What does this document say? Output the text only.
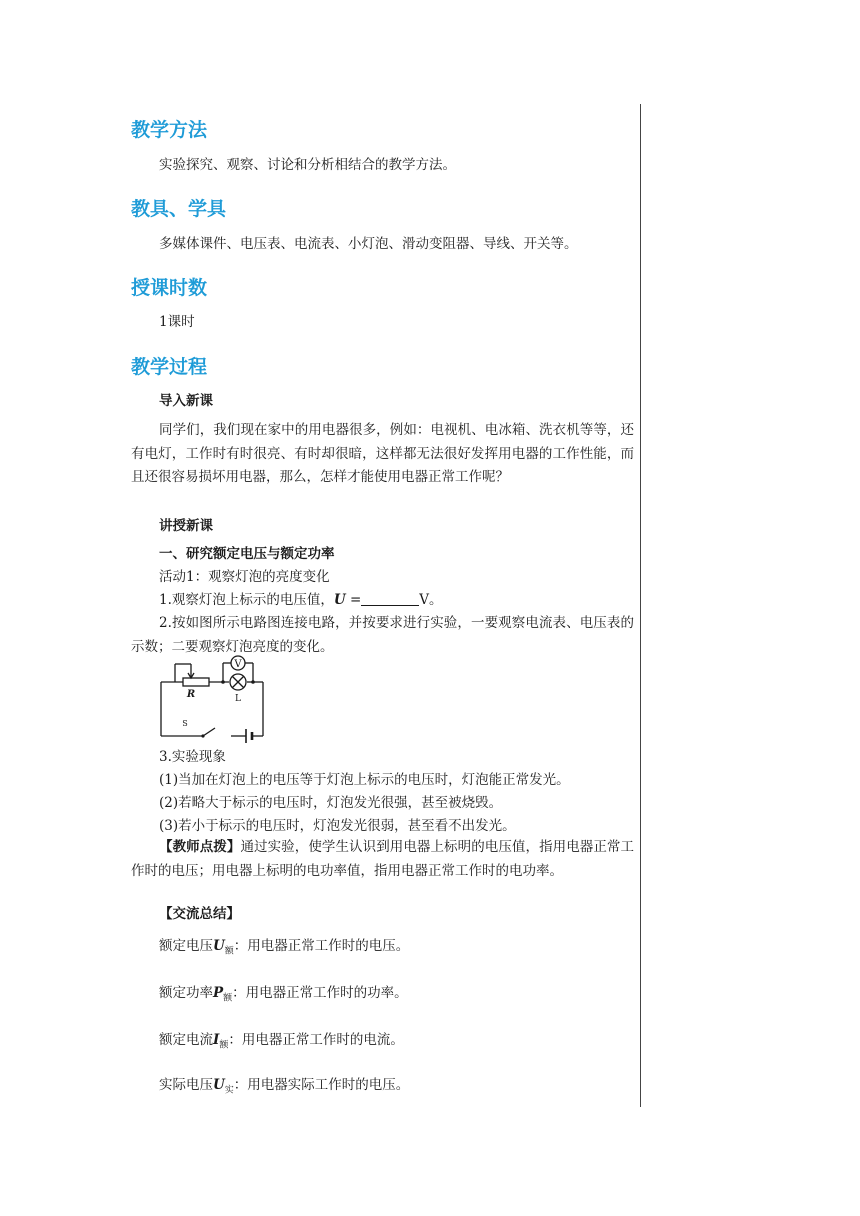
教学方法
实验探究、观察、讨论和分析相结合的教学方法。
教具、学具
多媒体课件、电压表、电流表、小灯泡、滑动变阻器、导线、开关等。
授课时数
1课时
教学过程
导入新课
同学们，我们现在家中的用电器很多，例如：电视机、电冰箱、洗衣机等等，还有电灯，工作时有时很亮、有时却很暗，这样都无法很好发挥用电器的工作性能，而且还很容易损坏用电器，那么，怎样才能使用电器正常工作呢？
讲授新课
一、研究额定电压与额定功率
活动1：观察灯泡的亮度变化
1.观察灯泡上标示的电压值，U =	V。
2.按如图所示电路图连接电路，并按要求进行实验，一要观察电流表、电压表的示数；二要观察灯泡亮度的变化。
V
R	L
S
3.实验现象
(1)当加在灯泡上的电压等于灯泡上标示的电压时，灯泡能正常发光。
(2)若略大于标示的电压时，灯泡发光很强，甚至被烧毁。
(3)若小于标示的电压时，灯泡发光很弱，甚至看不出发光。
【教师点拨】通过实验，使学生认识到用电器上标明的电压值，指用电器正常工作时的电压；用电器上标明的电功率值，指用电器正常工作时的电功率。
【交流总结】
额定电压$U_额$：用电器正常工作时的电压。
额定功率$P_额$：用电器正常工作时的功率。
额定电流$I_额$：用电器正常工作时的电流。
实际电压$U_实$：用电器实际工作时的电压。
